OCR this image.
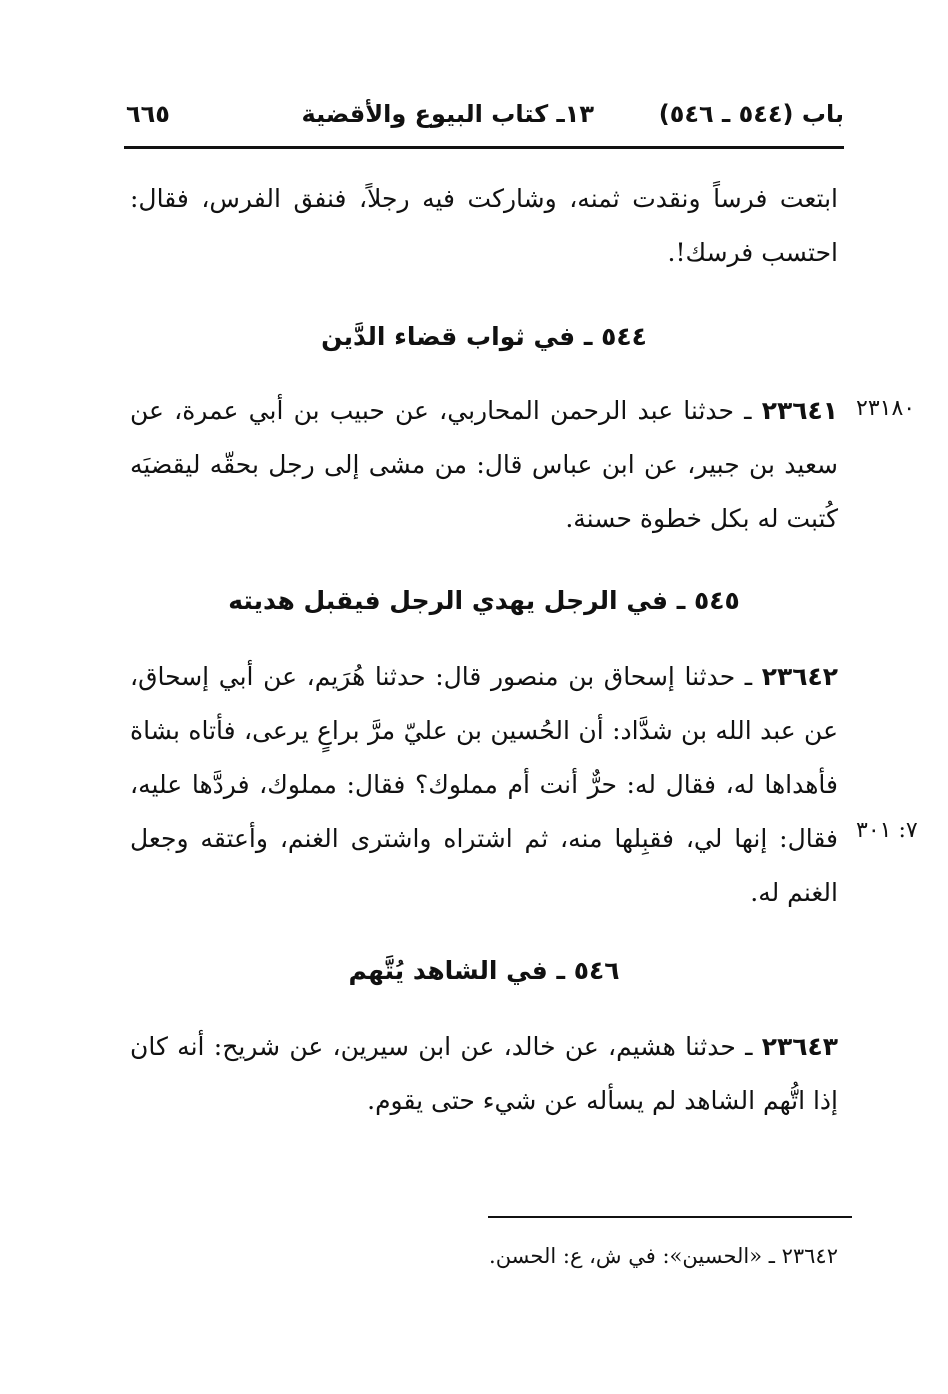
باب (٥٤٤ ـ ٥٤٦)
١٣ـ كتاب البيوع والأقضية
٦٦٥
ابتعت فرساً ونقدت ثمنه، وشاركت فيه رجلاً، فنفق الفرس، فقال: احتسب فرسك!.
٥٤٤ ـ في ثواب قضاء الدَّين
٢٣١٨٠
٢٣٦٤١ ـ حدثنا عبد الرحمن المحاربي، عن حبيب بن أبي عمرة، عن سعيد بن جبير، عن ابن عباس قال: من مشى إلى رجل بحقّه ليقضيَه كُتبت له بكل خطوة حسنة.
٥٤٥ ـ في الرجل يهدي الرجل فيقبل هديته
٧: ٣٠١
٢٣٦٤٢ ـ حدثنا إسحاق بن منصور قال: حدثنا هُرَيم، عن أبي إسحاق، عن عبد الله بن شدَّاد: أن الحُسين بن عليّ مرَّ براعٍ يرعى، فأتاه بشاة فأهداها له، فقال له: حرٌّ أنت أم مملوك؟ فقال: مملوك، فردَّها عليه، فقال: إنها لي، فقبِلها منه، ثم اشتراه واشترى الغنم، وأعتقه وجعل الغنم له.
٥٤٦ ـ في الشاهد يُتَّهم
٢٣٦٤٣ ـ حدثنا هشيم، عن خالد، عن ابن سيرين، عن شريح: أنه كان إذا اتُّهم الشاهد لم يسأله عن شيء حتى يقوم.
٢٣٦٤٢ ـ «الحسين»: في ش، ع: الحسن.
